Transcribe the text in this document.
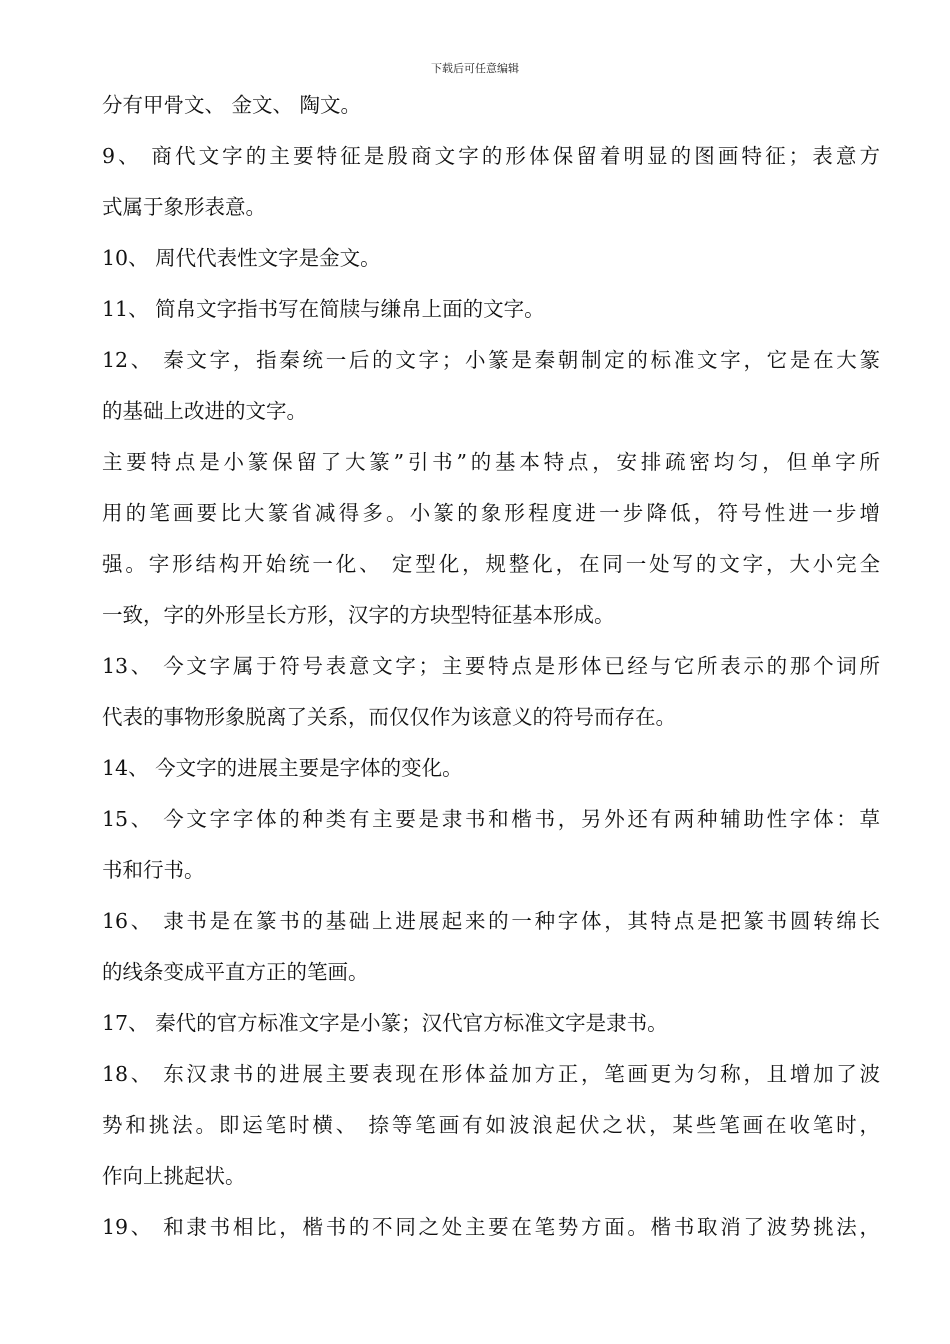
下载后可任意编辑
分有甲骨文、 金文、 陶文。
9、 商代文字的主要特征是殷商文字的形体保留着明显的图画特征；表意方
式属于象形表意。
10、 周代代表性文字是金文。
11、 简帛文字指书写在简牍与缣帛上面的文字。
12、 秦文字，指秦统一后的文字；小篆是秦朝制定的标准文字，它是在大篆
的基础上改进的文字。
主要特点是小篆保留了大篆”引书”的基本特点，安排疏密均匀，但单字所
用的笔画要比大篆省减得多。小篆的象形程度进一步降低，符号性进一步增
强。字形结构开始统一化、 定型化，规整化，在同一处写的文字，大小完全
一致，字的外形呈长方形，汉字的方块型特征基本形成。
13、 今文字属于符号表意文字；主要特点是形体已经与它所表示的那个词所
代表的事物形象脱离了关系，而仅仅作为该意义的符号而存在。
14、 今文字的进展主要是字体的变化。
15、 今文字字体的种类有主要是隶书和楷书，另外还有两种辅助性字体：草
书和行书。
16、 隶书是在篆书的基础上进展起来的一种字体，其特点是把篆书圆转绵长
的线条变成平直方正的笔画。
17、 秦代的官方标准文字是小篆；汉代官方标准文字是隶书。
18、 东汉隶书的进展主要表现在形体益加方正，笔画更为匀称，且增加了波
势和挑法。即运笔时横、 捺等笔画有如波浪起伏之状，某些笔画在收笔时，
作向上挑起状。
19、 和隶书相比，楷书的不同之处主要在笔势方面。楷书取消了波势挑法，
